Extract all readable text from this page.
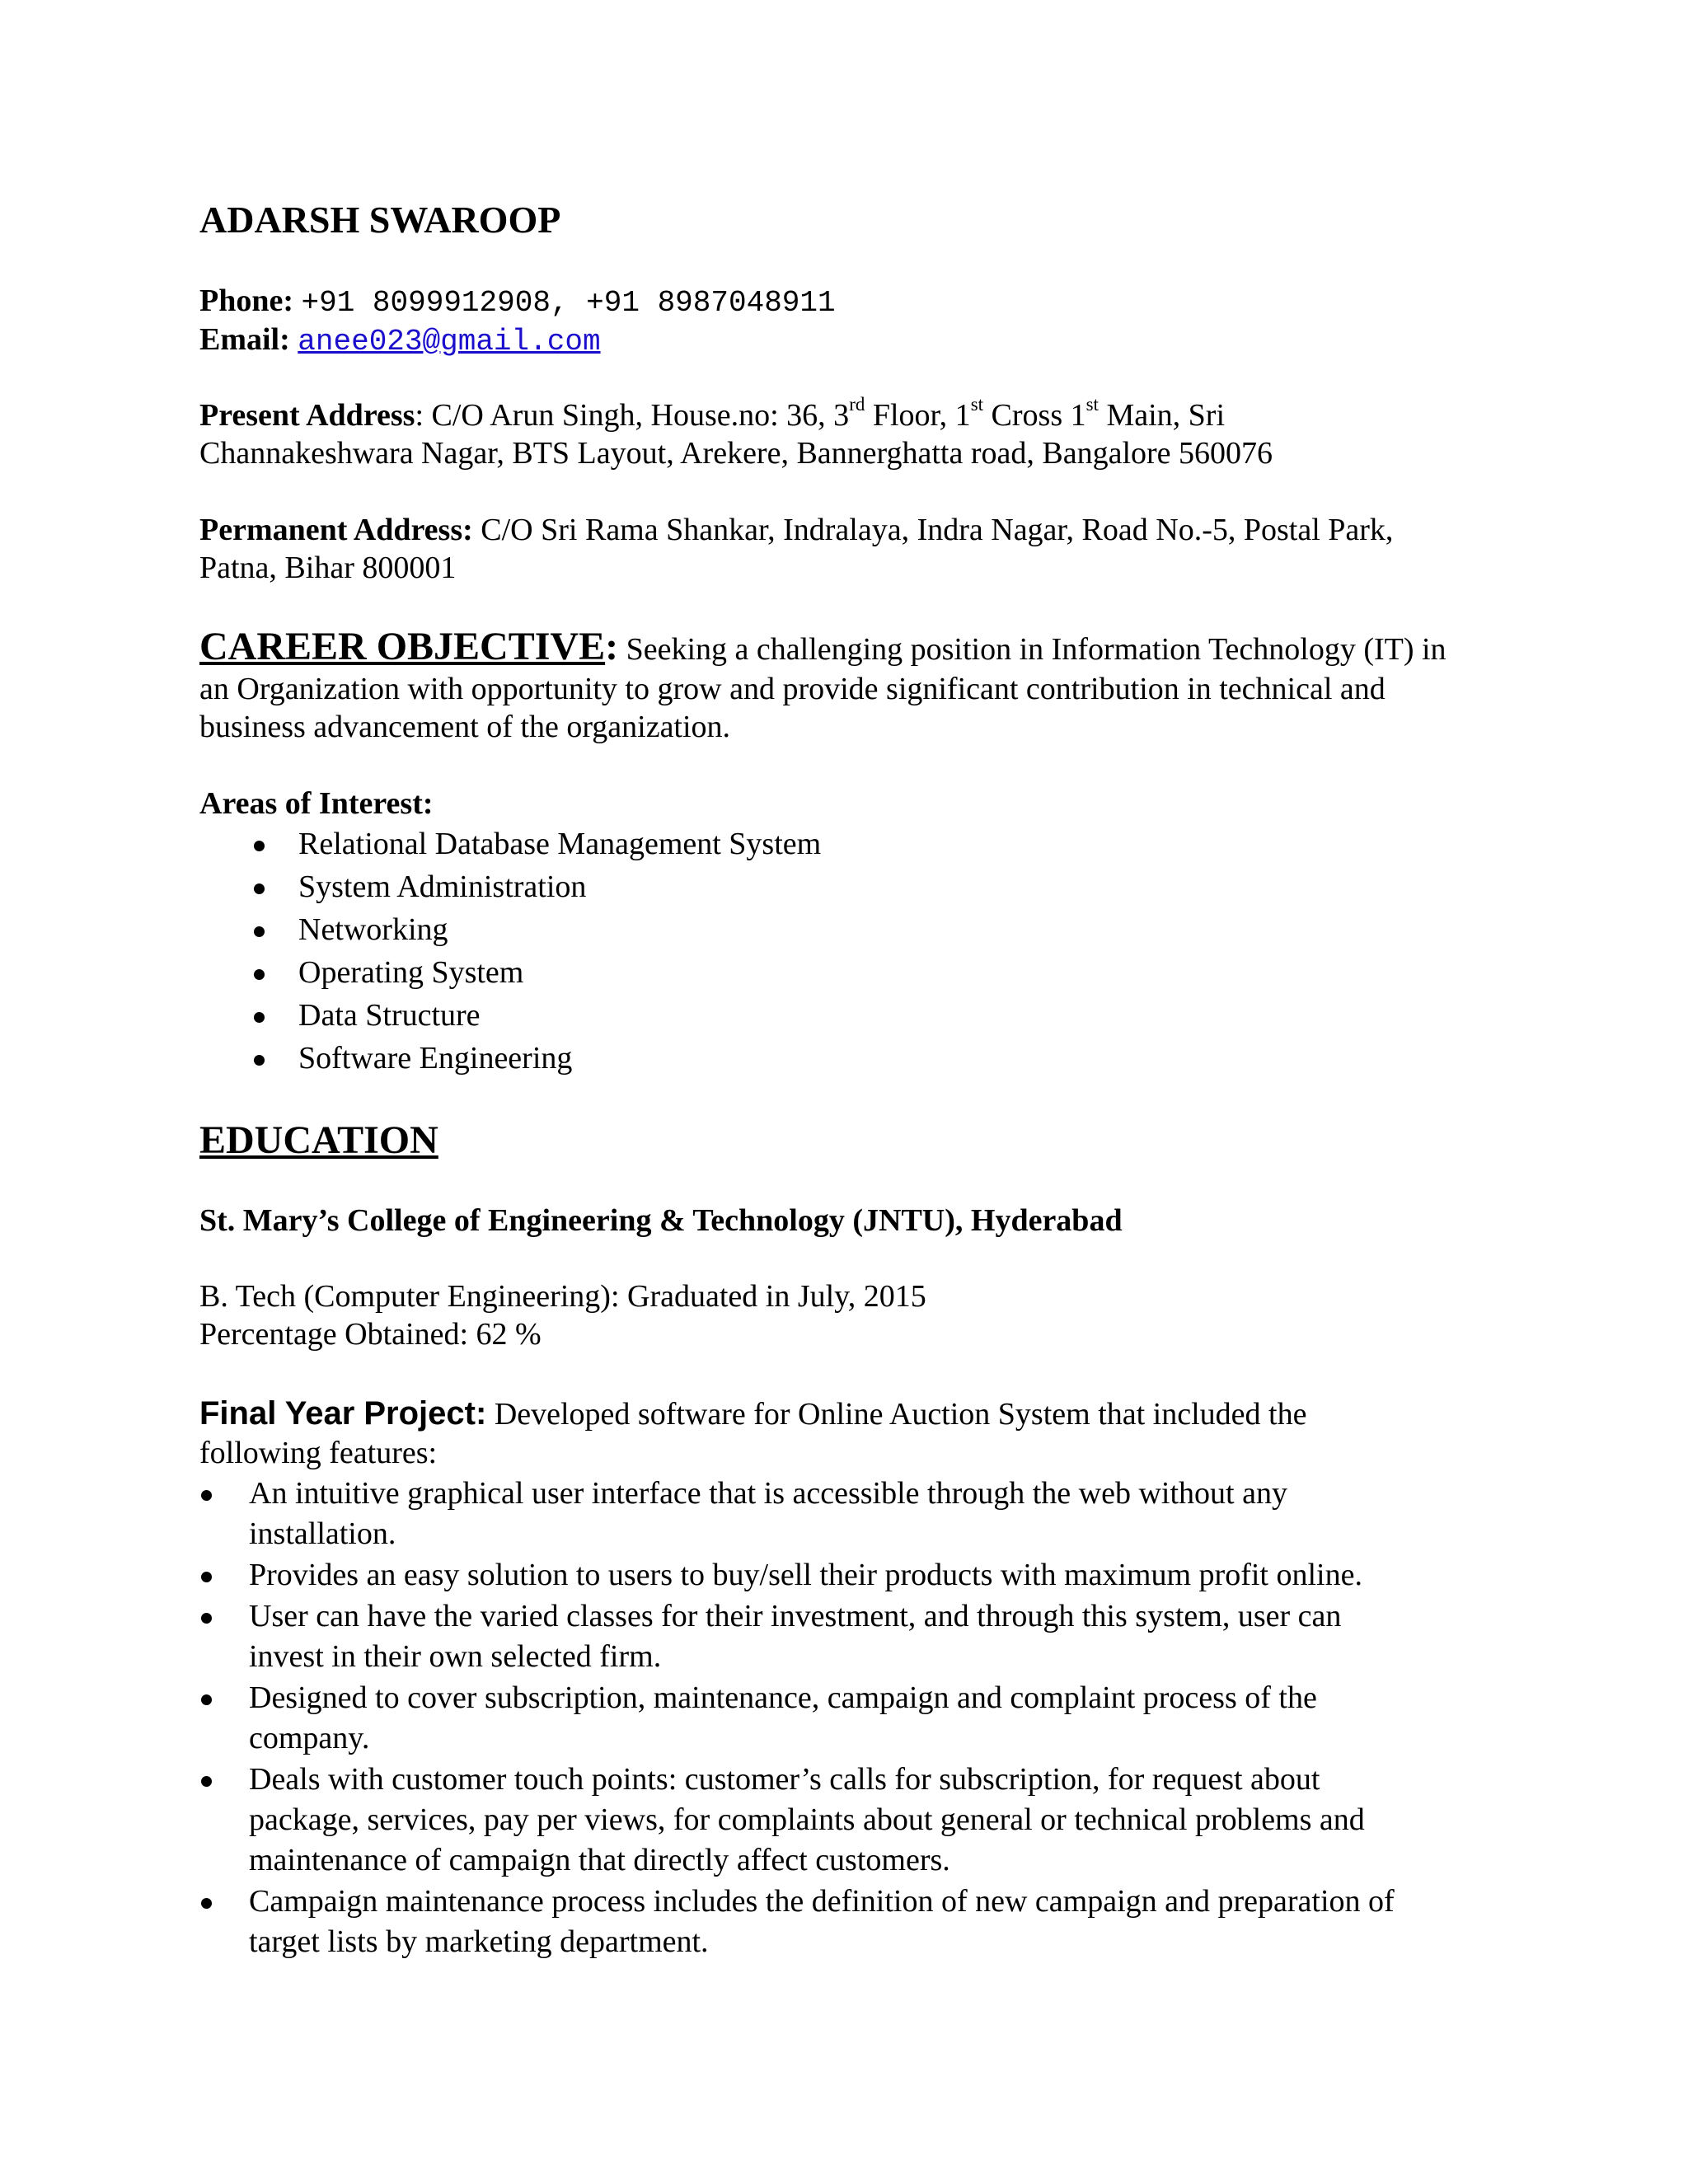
ADARSH SWAROOP
Phone: +91 8099912908, +91 8987048911
Email: anee023@gmail.com
Present Address: C/O Arun Singh, House.no: 36, 3rd Floor, 1st Cross 1st Main, Sri
Channakeshwara Nagar, BTS Layout, Arekere, Bannerghatta road, Bangalore 560076
Permanent Address: C/O Sri Rama Shankar, Indralaya, Indra Nagar, Road No.-5, Postal Park,
Patna, Bihar 800001
CAREER OBJECTIVE: Seeking a challenging position in Information Technology (IT) in
an Organization with opportunity to grow and provide significant contribution in technical and
business advancement of the organization.
Areas of Interest:
Relational Database Management System
System Administration
Networking
Operating System
Data Structure
Software Engineering
EDUCATION
St. Mary’s College of Engineering & Technology (JNTU), Hyderabad
B. Tech (Computer Engineering): Graduated in July, 2015
Percentage Obtained: 62 %
Final Year Project: Developed software for Online Auction System that included the
following features:
An intuitive graphical user interface that is accessible through the web without any
installation.
Provides an easy solution to users to buy/sell their products with maximum profit online.
User can have the varied classes for their investment, and through this system, user can
invest in their own selected firm.
Designed to cover subscription, maintenance, campaign and complaint process of the
company.
Deals with customer touch points: customer’s calls for subscription, for request about
package, services, pay per views, for complaints about general or technical problems and
maintenance of campaign that directly affect customers.
Campaign maintenance process includes the definition of new campaign and preparation of
target lists by marketing department.
